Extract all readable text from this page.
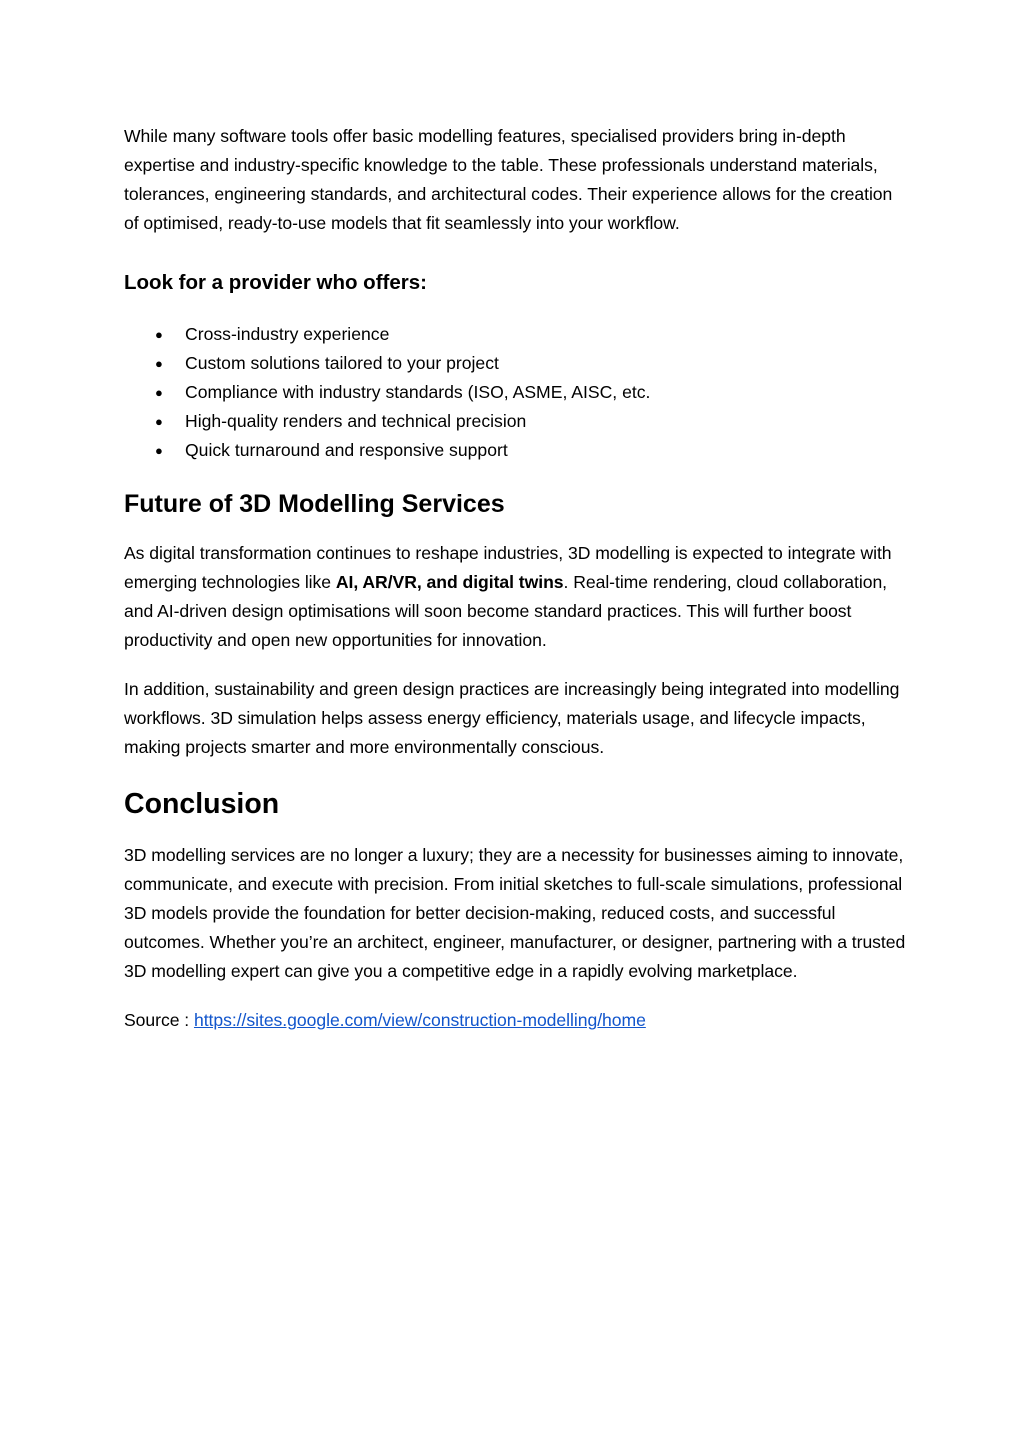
While many software tools offer basic modelling features, specialised providers bring in-depth expertise and industry-specific knowledge to the table. These professionals understand materials, tolerances, engineering standards, and architectural codes. Their experience allows for the creation of optimised, ready-to-use models that fit seamlessly into your workflow.

Look for a provider who offers:
● Cross-industry experience
● Custom solutions tailored to your project
● Compliance with industry standards (ISO, ASME, AISC, etc.
● High-quality renders and technical precision
● Quick turnaround and responsive support
Future of 3D Modelling Services

As digital transformation continues to reshape industries, 3D modelling is expected to integrate with emerging technologies like AI, AR/VR, and digital twins. Real-time rendering, cloud collaboration, and AI-driven design optimisations will soon become standard practices. This will further boost productivity and open new opportunities for innovation.

In addition, sustainability and green design practices are increasingly being integrated into modelling workflows. 3D simulation helps assess energy efficiency, materials usage, and lifecycle impacts, making projects smarter and more environmentally conscious.

Conclusion

3D modelling services are no longer a luxury; they are a necessity for businesses aiming to innovate, communicate, and execute with precision. From initial sketches to full-scale simulations, professional 3D models provide the foundation for better decision-making, reduced costs, and successful outcomes. Whether you’re an architect, engineer, manufacturer, or designer, partnering with a trusted 3D modelling expert can give you a competitive edge in a rapidly evolving marketplace.

Source : https://sites.google.com/view/construction-modelling/home
